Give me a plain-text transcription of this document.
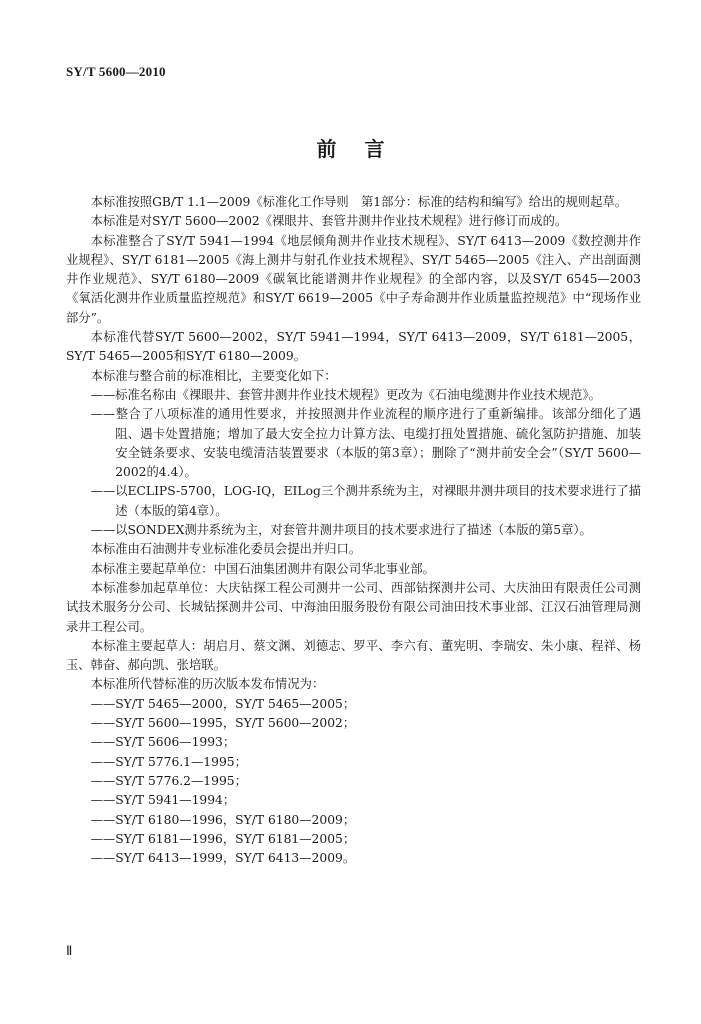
SY/T 5600—2010
前言

本标准按照GB/T 1.1—2009《标准化工作导则　第1部分：标准的结构和编写》给出的规则起草。

本标准是对SY/T 5600—2002《裸眼井、套管井测井作业技术规程》进行修订而成的。

本标准整合了SY/T 5941—1994《地层倾角测井作业技术规程》、SY/T 6413—2009《数控测井作业规程》、SY/T 6181—2005《海上测井与射孔作业技术规程》、SY/T 5465—2005《注入、产出剖面测井作业规范》、SY/T 6180—2009《碳氧比能谱测井作业规程》的全部内容，以及SY/T 6545—2003《氧活化测井作业质量监控规范》和SY/T 6619—2005《中子寿命测井作业质量监控规范》中“现场作业部分”。

本标准代替SY/T 5600—2002，SY/T 5941—1994，SY/T 6413—2009，SY/T 6181—2005，SY/T 5465—2005和SY/T 6180—2009。

本标准与整合前的标准相比，主要变化如下：

——标准名称由《裸眼井、套管井测井作业技术规程》更改为《石油电缆测井作业技术规范》。

——整合了八项标准的通用性要求，并按照测井作业流程的顺序进行了重新编排。该部分细化了遇阻、遇卡处置措施；增加了最大安全拉力计算方法、电缆打扭处置措施、硫化氢防护措施、加装安全链条要求、安装电缆清洁装置要求（本版的第3章）；删除了“测井前安全会”（SY/T 5600—2002的4.4）。

——以ECLIPS-5700，LOG-IQ，EILog三个测井系统为主，对裸眼井测井项目的技术要求进行了描述（本版的第4章）。

——以SONDEX测井系统为主，对套管井测井项目的技术要求进行了描述（本版的第5章）。

本标准由石油测井专业标准化委员会提出并归口。

本标准主要起草单位：中国石油集团测井有限公司华北事业部。

本标准参加起草单位：大庆钻探工程公司测井一公司、西部钻探测井公司、大庆油田有限责任公司测试技术服务分公司、长城钻探测井公司、中海油田服务股份有限公司油田技术事业部、江汉石油管理局测录井工程公司。

本标准主要起草人：胡启月、蔡文渊、刘德志、罗平、李六有、董宪明、李瑞安、朱小康、程祥、杨玉、韩奋、郝向凯、张培联。

本标准所代替标准的历次版本发布情况为：

——SY/T 5465—2000，SY/T 5465—2005；

——SY/T 5600—1995，SY/T 5600—2002；

——SY/T 5606—1993；

——SY/T 5776.1—1995；

——SY/T 5776.2—1995；

——SY/T 5941—1994；

——SY/T 6180—1996，SY/T 6180—2009；

——SY/T 6181—1996，SY/T 6181—2005；

——SY/T 6413—1999，SY/T 6413—2009。

Ⅱ
